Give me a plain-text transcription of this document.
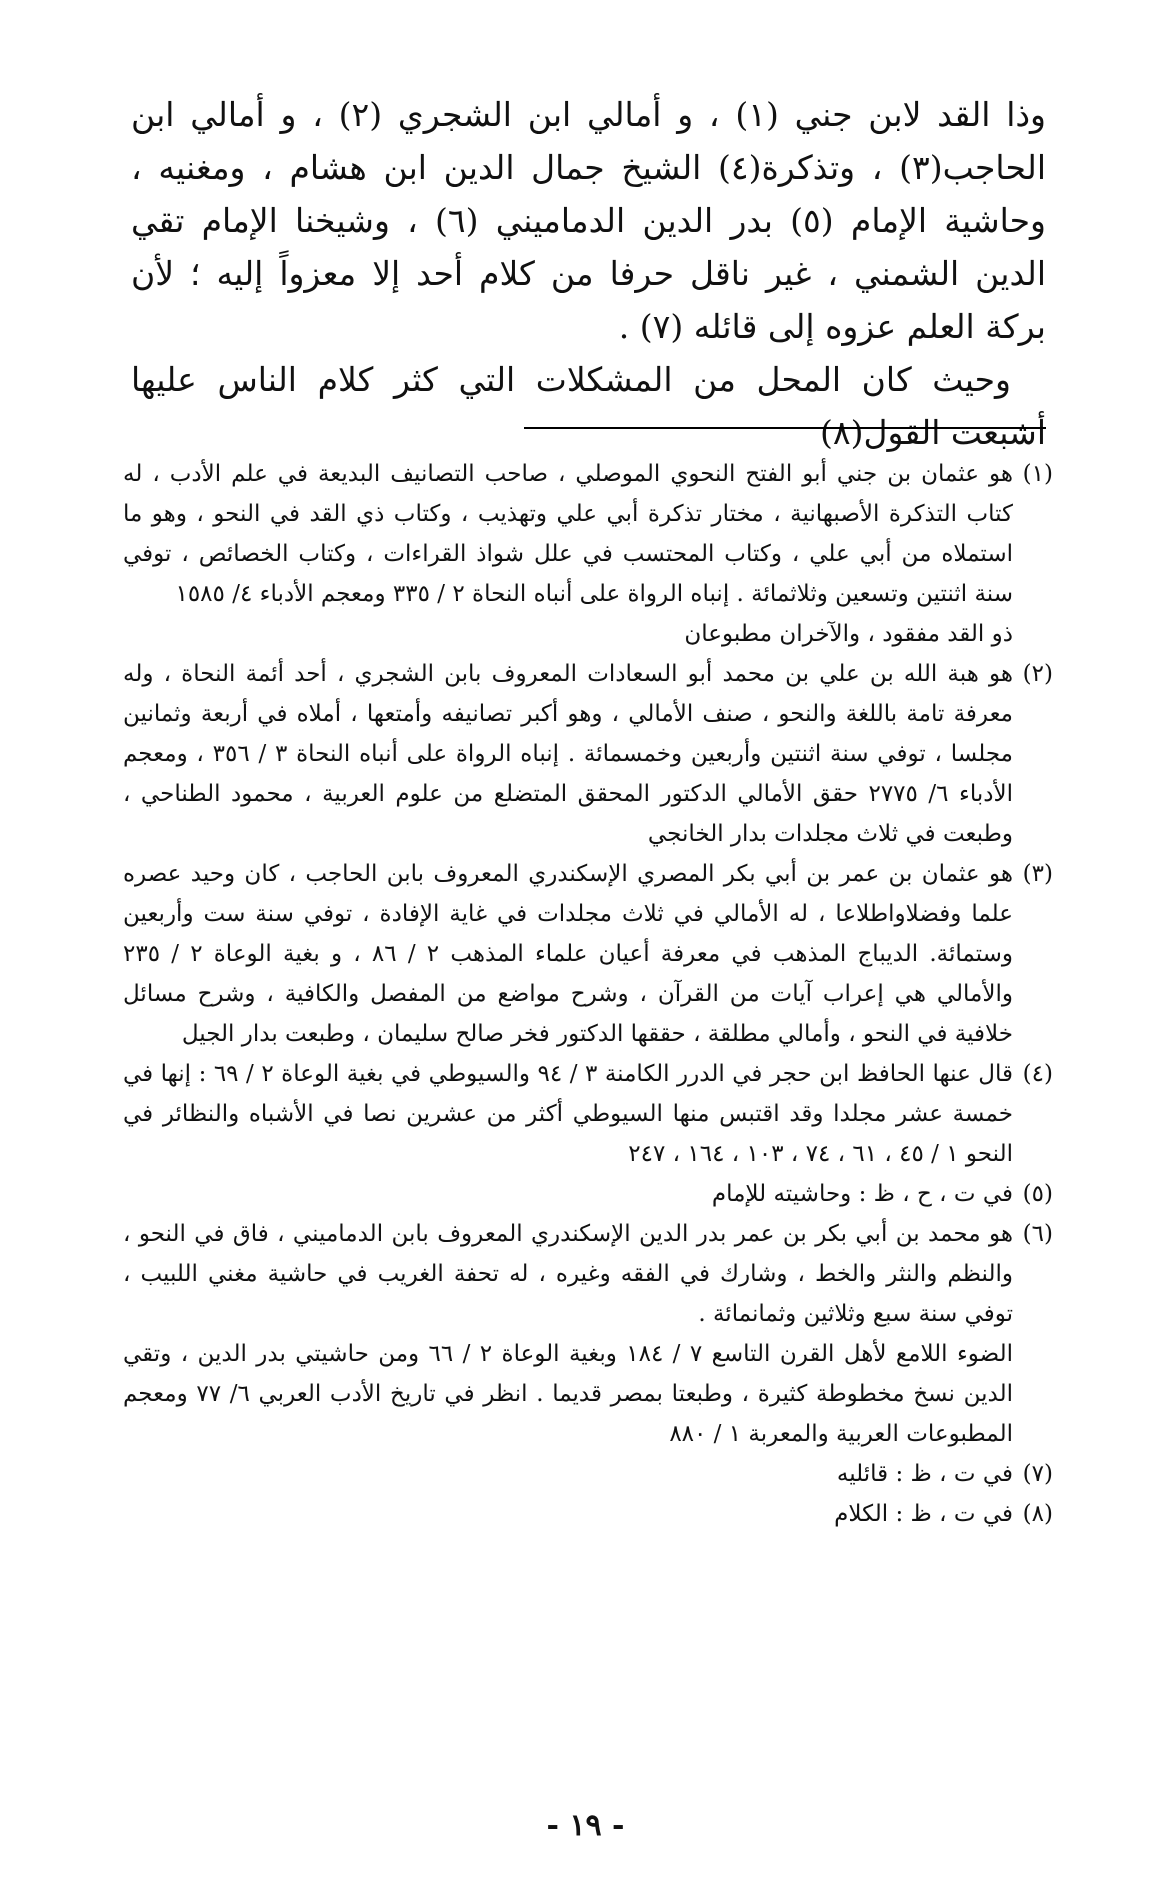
وذا القد لابن جني (١) ، و أمالي ابن الشجري (٢) ، و أمالي ابن الحاجب(٣) ، وتذكرة(٤) الشيخ جمال الدين ابن هشام ، ومغنيه ، وحاشية الإمام (٥) بدر الدين الدماميني (٦) ، وشيخنا الإمام تقي الدين الشمني ، غير ناقل حرفا من كلام أحد إلا معزواً إليه ؛ لأن بركة العلم عزوه إلى قائله (٧) .

وحيث كان المحل من المشكلات التي كثر كلام الناس عليها أشبعت القول(٨)

(١)

هو عثمان بن جني أبو الفتح النحوي الموصلي ، صاحب التصانيف البديعة في علم الأدب ، له كتاب التذكرة الأصبهانية ، مختار تذكرة أبي علي وتهذيب ، وكتاب ذي القد في النحو ، وهو ما استملاه من أبي علي ، وكتاب المحتسب في علل شواذ القراءات ، وكتاب الخصائص ، توفي سنة اثنتين وتسعين وثلاثمائة . إنباه الرواة على أنباه النحاة ٢ / ٣٣٥ ومعجم الأدباء ٤/ ١٥٨٥

ذو القد مفقود ، والآخران مطبوعان

(٢)

هو هبة الله بن علي بن محمد أبو السعادات المعروف بابن الشجري ، أحد أئمة النحاة ، وله معرفة تامة باللغة والنحو ، صنف الأمالي ، وهو أكبر تصانيفه وأمتعها ، أملاه في أربعة وثمانين مجلسا ، توفي سنة اثنتين وأربعين وخمسمائة . إنباه الرواة على أنباه النحاة ٣ / ٣٥٦ ، ومعجم الأدباء ٦/ ٢٧٧٥ حقق الأمالي الدكتور المحقق المتضلع من علوم العربية ، محمود الطناحي ، وطبعت في ثلاث مجلدات بدار الخانجي

(٣)

هو عثمان بن عمر بن أبي بكر المصري الإسكندري المعروف بابن الحاجب ، كان وحيد عصره علما وفضلاواطلاعا ، له الأمالي في ثلاث مجلدات في غاية الإفادة ، توفي سنة ست وأربعين وستمائة. الديباج المذهب في معرفة أعيان علماء المذهب ٢ / ٨٦ ، و بغية الوعاة ٢ / ٢٣٥ والأمالي هي إعراب آيات من القرآن ، وشرح مواضع من المفصل والكافية ، وشرح مسائل خلافية في النحو ، وأمالي مطلقة ، حققها الدكتور فخر صالح سليمان ، وطبعت بدار الجيل

(٤)

قال عنها الحافظ ابن حجر في الدرر الكامنة ٣ / ٩٤ والسيوطي في بغية الوعاة ٢ / ٦٩ : إنها في خمسة عشر مجلدا وقد اقتبس منها السيوطي أكثر من عشرين نصا في الأشباه والنظائر في النحو ١ / ٤٥ ، ٦١ ، ٧٤ ، ١٠٣ ، ١٦٤ ، ٢٤٧

(٥)

في ت ، ح ، ظ : وحاشيته للإمام

(٦)

هو محمد بن أبي بكر بن عمر بدر الدين الإسكندري المعروف بابن الدماميني ، فاق في النحو ، والنظم والنثر والخط ، وشارك في الفقه وغيره ، له تحفة الغريب في حاشية مغني اللبيب ، توفي سنة سبع وثلاثين وثمانمائة .

الضوء اللامع لأهل القرن التاسع ٧ / ١٨٤ وبغية الوعاة ٢ / ٦٦ ومن حاشيتي بدر الدين ، وتقي الدين نسخ مخطوطة كثيرة ، وطبعتا بمصر قديما . انظر في تاريخ الأدب العربي ٦/ ٧٧ ومعجم المطبوعات العربية والمعربة ١ / ٨٨٠

(٧)

في ت ، ظ : قائليه

(٨)

في ت ، ظ : الكلام

- ١٩ -
